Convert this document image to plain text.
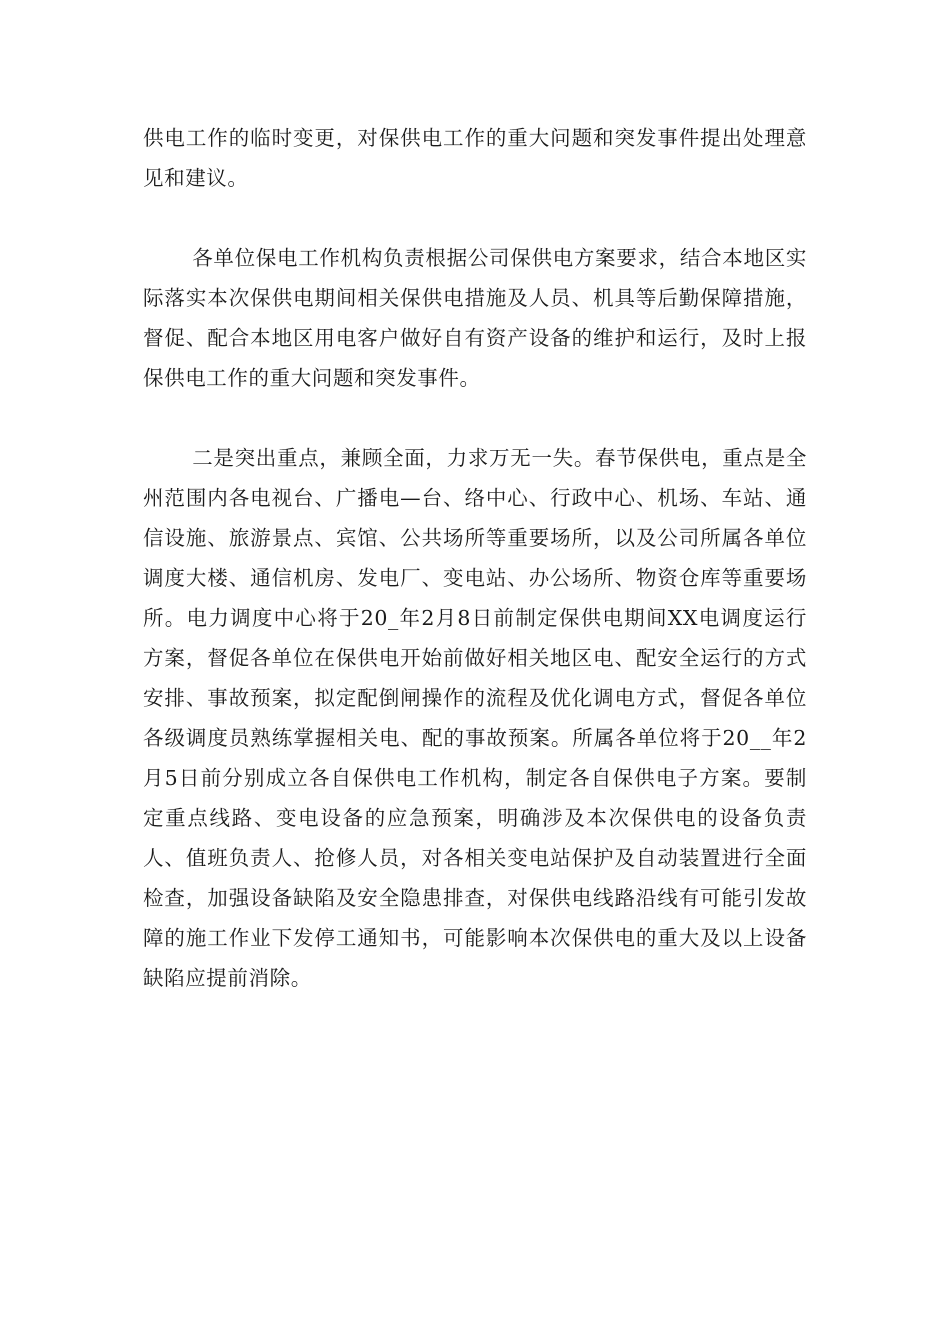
供电工作的临时变更，对保供电工作的重大问题和突发事件提出处理意见和建议。

各单位保电工作机构负责根据公司保供电方案要求，结合本地区实际落实本次保供电期间相关保供电措施及人员、机具等后勤保障措施，督促、配合本地区用电客户做好自有资产设备的维护和运行，及时上报保供电工作的重大问题和突发事件。

二是突出重点，兼顾全面，力求万无一失。春节保供电，重点是全州范围内各电视台、广播电—台、络中心、行政中心、机场、车站、通信设施、旅游景点、宾馆、公共场所等重要场所，以及公司所属各单位调度大楼、通信机房、发电厂、变电站、办公场所、物资仓库等重要场所。电力调度中心将于20_年2月8日前制定保供电期间XX电调度运行方案，督促各单位在保供电开始前做好相关地区电、配安全运行的方式安排、事故预案，拟定配倒闸操作的流程及优化调电方式，督促各单位各级调度员熟练掌握相关电、配的事故预案。所属各单位将于20__年2月5日前分别成立各自保供电工作机构，制定各自保供电子方案。要制定重点线路、变电设备的应急预案，明确涉及本次保供电的设备负责人、值班负责人、抢修人员，对各相关变电站保护及自动装置进行全面检查，加强设备缺陷及安全隐患排查，对保供电线路沿线有可能引发故障的施工作业下发停工通知书，可能影响本次保供电的重大及以上设备缺陷应提前消除。
